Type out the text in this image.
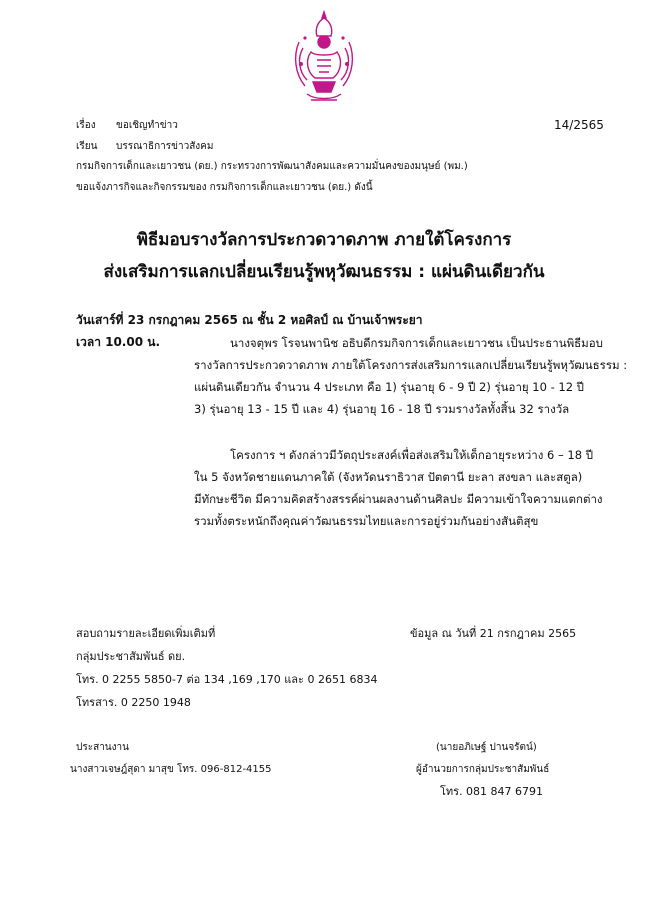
14/2565
เรื่อง ขอเชิญทำข่าว
เรียน บรรณาธิการข่าวสังคม
กรมกิจการเด็กและเยาวชน (ดย.) กระทรวงการพัฒนาสังคมและความมั่นคงของมนุษย์ (พม.)
ขอแจ้งภารกิจและกิจกรรมของ กรมกิจการเด็กและเยาวชน (ดย.) ดังนี้
พิธีมอบรางวัลการประกวดวาดภาพ ภายใต้โครงการ
ส่งเสริมการแลกเปลี่ยนเรียนรู้พหุวัฒนธรรม : แผ่นดินเดียวกัน
วันเสาร์ที่ 23 กรกฎาคม 2565 ณ ชั้น 2 หอศิลป์ ณ บ้านเจ้าพระยา
เวลา 10.00 น.	นางจตุพร โรจนพานิช อธิบดีกรมกิจการเด็กและเยาวชน เป็นประธานพิธีมอบ
รางวัลการประกวดวาดภาพ ภายใต้โครงการส่งเสริมการแลกเปลี่ยนเรียนรู้พหุวัฒนธรรม :
แผ่นดินเดียวกัน จำนวน 4 ประเภท คือ 1) รุ่นอายุ 6 - 9 ปี 2) รุ่นอายุ 10 - 12 ปี
3) รุ่นอายุ 13 - 15 ปี และ 4) รุ่นอายุ 16 - 18 ปี รวมรางวัลทั้งสิ้น 32 รางวัล
โครงการ ฯ ดังกล่าวมีวัตถุประสงค์เพื่อส่งเสริมให้เด็กอายุระหว่าง 6 – 18 ปี
ใน 5 จังหวัดชายแดนภาคใต้ (จังหวัดนราธิวาส ปัตตานี ยะลา สงขลา และสตูล)
มีทักษะชีวิต มีความคิดสร้างสรรค์ผ่านผลงานด้านศิลปะ มีความเข้าใจความแตกต่าง
รวมทั้งตระหนักถึงคุณค่าวัฒนธรรมไทยและการอยู่ร่วมกันอย่างสันติสุข
สอบถามรายละเอียดเพิ่มเติมที่	ข้อมูล ณ วันที่ 21 กรกฎาคม 2565
กลุ่มประชาสัมพันธ์ ดย.
โทร. 0 2255 5850-7 ต่อ 134 ,169 ,170 และ 0 2651 6834
โทรสาร. 0 2250 1948
ประสานงาน
นางสาวเจษฎ์สุดา มาสุข โทร. 096-812-4155
(นายอภิเษฐ์ ปานจรัตน์)
ผู้อำนวยการกลุ่มประชาสัมพันธ์
โทร. 081 847 6791
